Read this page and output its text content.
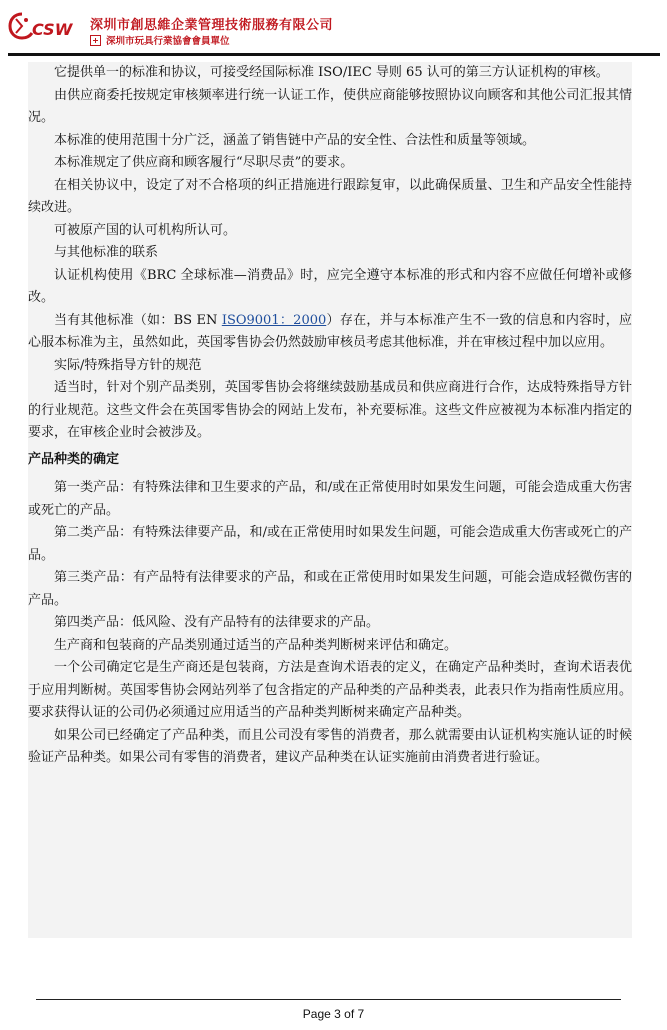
CSW 深圳市創思維企業管理技術服務有限公司
深圳市玩具行業協會會員單位

它提供单一的标准和协议，可接受经国际标准 ISO/IEC 导则 65 认可的第三方认证机构的审核。

由供应商委托按规定审核频率进行统一认证工作，使供应商能够按照协议向顾客和其他公司汇报其情况。

本标准的使用范围十分广泛，涵盖了销售链中产品的安全性、合法性和质量等领域。

本标准规定了供应商和顾客履行“尽职尽责”的要求。

在相关协议中，设定了对不合格项的纠正措施进行跟踪复审，以此确保质量、卫生和产品安全性能持续改进。

可被原产国的认可机构所认可。

与其他标准的联系

认证机构使用《BRC 全球标准—消费品》时，应完全遵守本标准的形式和内容不应做任何增补或修改。

当有其他标准（如：BS EN ISO9001：2000）存在，并与本标准产生不一致的信息和内容时，应心服本标准为主，虽然如此，英国零售协会仍然鼓励审核员考虑其他标准，并在审核过程中加以应用。

实际/特殊指导方针的规范

适当时，针对个别产品类别，英国零售协会将继续鼓励基成员和供应商进行合作，达成特殊指导方针的行业规范。这些文件会在英国零售协会的网站上发布，补充要标准。这些文件应被视为本标准内指定的要求，在审核企业时会被涉及。

产品种类的确定

第一类产品：有特殊法律和卫生要求的产品，和/或在正常使用时如果发生问题，可能会造成重大伤害或死亡的产品。

第二类产品：有特殊法律要产品，和/或在正常使用时如果发生问题，可能会造成重大伤害或死亡的产品。

第三类产品：有产品特有法律要求的产品，和或在正常使用时如果发生问题，可能会造成轻微伤害的产品。

第四类产品：低风险、没有产品特有的法律要求的产品。

生产商和包装商的产品类别通过适当的产品种类判断树来评估和确定。

一个公司确定它是生产商还是包装商，方法是查询术语表的定义，在确定产品种类时，查询术语表优于应用判断树。英国零售协会网站列举了包含指定的产品种类的产品种类表，此表只作为指南性质应用。要求获得认证的公司仍必须通过应用适当的产品种类判断树来确定产品种类。

如果公司已经确定了产品种类，而且公司没有零售的消费者，那么就需要由认证机构实施认证的时候验证产品种类。如果公司有零售的消费者，建议产品种类在认证实施前由消费者进行验证。

Page 3 of 7
